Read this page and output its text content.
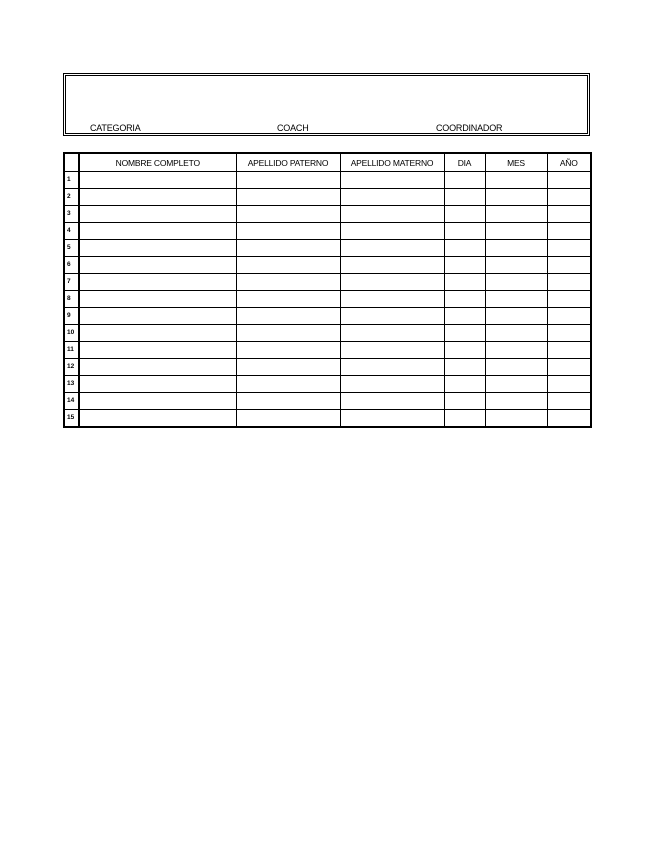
CATEGORIA	COACH	COORDINADOR
	NOMBRE COMPLETO	APELLIDO PATERNO	APELLIDO MATERNO	DIA	MES	AÑO
1						
2						
3						
4						
5						
6						
7						
8						
9						
10						
11						
12						
13						
14						
15						
